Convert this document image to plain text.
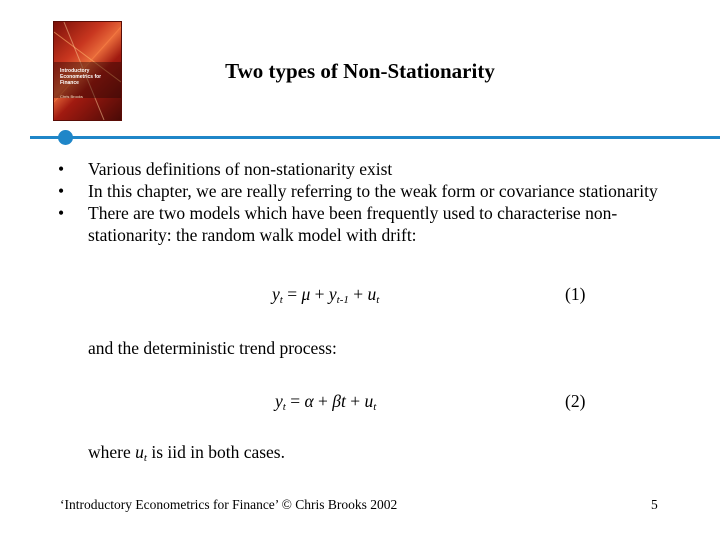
Introductory Econometrics for Finance
Chris Brooks
Two types of Non-Stationarity

•	Various definitions of non-stationarity exist

•	In this chapter, we are really referring to the weak form or covariance stationarity

•	There are two models which have been frequently used to characterise non-stationarity: the random walk model with drift:

$y_t = \mu + y_{t-1} + u_t$	(1)
and the deterministic trend process:
$y_t = \alpha + \beta t + u_t$	(2)
where $u_t$ is iid in both cases.
‘Introductory Econometrics for Finance’ © Chris Brooks 2002	5
